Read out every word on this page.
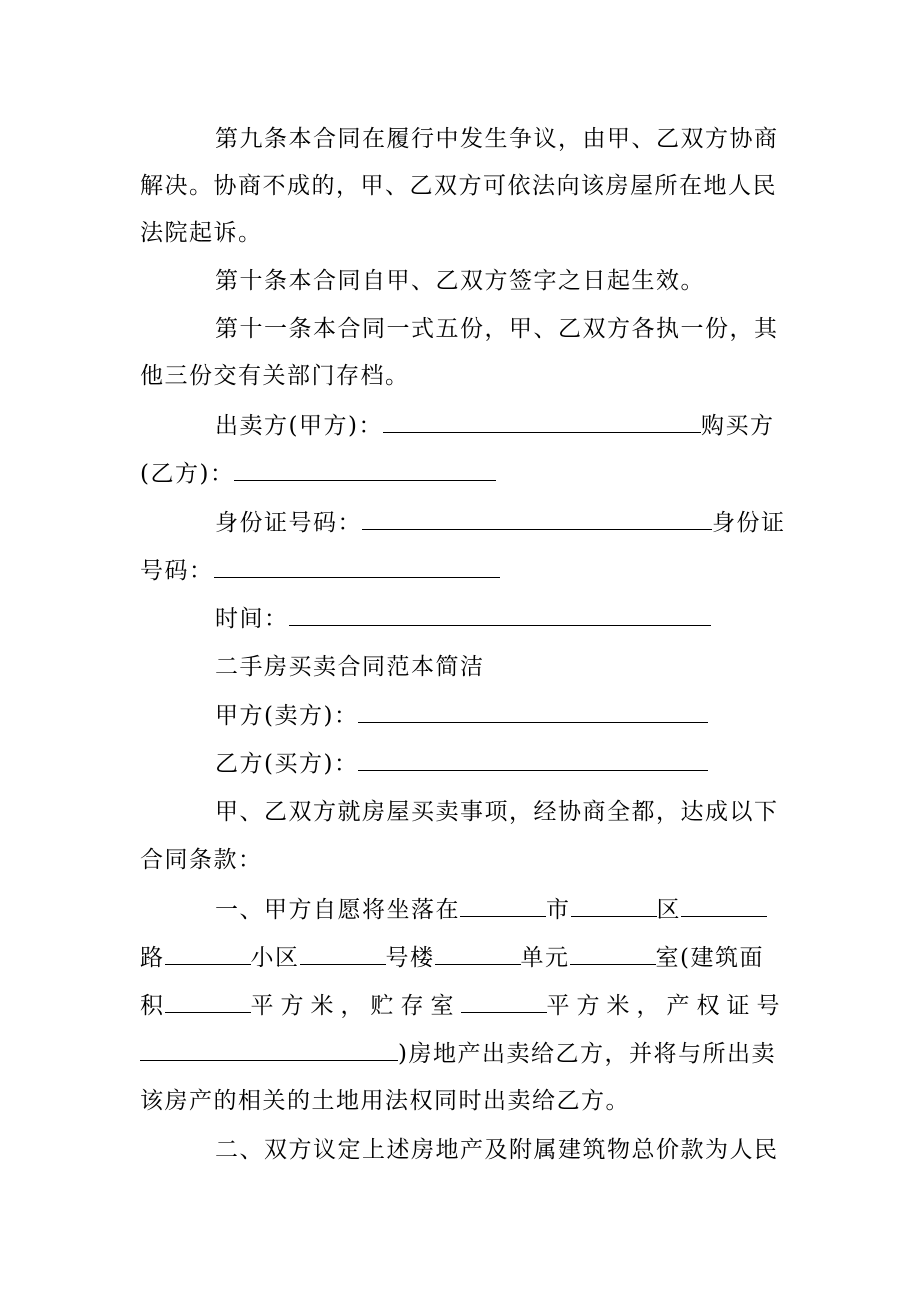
第九条本合同在履行中发生争议，由甲、乙双方协商
解决。协商不成的，甲、乙双方可依法向该房屋所在地人民
法院起诉。
第十条本合同自甲、乙双方签字之日起生效。
第十一条本合同一式五份，甲、乙双方各执一份，其
他三份交有关部门存档。
出卖方(甲方)：	购买方
(乙方)：
身份证号码：	身份证
号码：
时间：
二手房买卖合同范本简洁
甲方(卖方)：
乙方(买方)：
甲、乙双方就房屋买卖事项，经协商全都，达成以下
合同条款：
一、甲方自愿将坐落在	市	区
路	小区	号楼	单元	室(建筑面
积	平方米，贮存室	平方米，产权证号
)房地产出卖给乙方，并将与所出卖
该房产的相关的土地用法权同时出卖给乙方。
二、双方议定上述房地产及附属建筑物总价款为人民
